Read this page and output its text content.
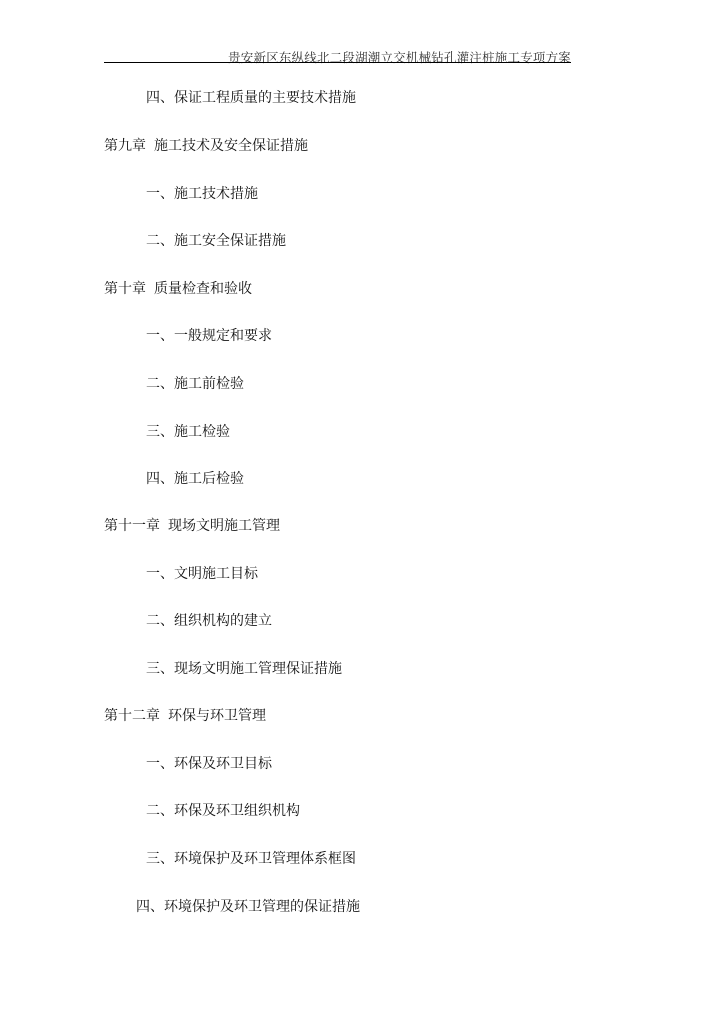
贵安新区东纵线北二段湖潮立交机械钻孔灌注桩施工专项方案
四、保证工程质量的主要技术措施
第九章 施工技术及安全保证措施
一、施工技术措施
二、施工安全保证措施
第十章 质量检查和验收
一、一般规定和要求
二、施工前检验
三、施工检验
四、施工后检验
第十一章 现场文明施工管理
一、文明施工目标
二、组织机构的建立
三、现场文明施工管理保证措施
第十二章 环保与环卫管理
一、环保及环卫目标
二、环保及环卫组织机构
三、环境保护及环卫管理体系框图
四、环境保护及环卫管理的保证措施
